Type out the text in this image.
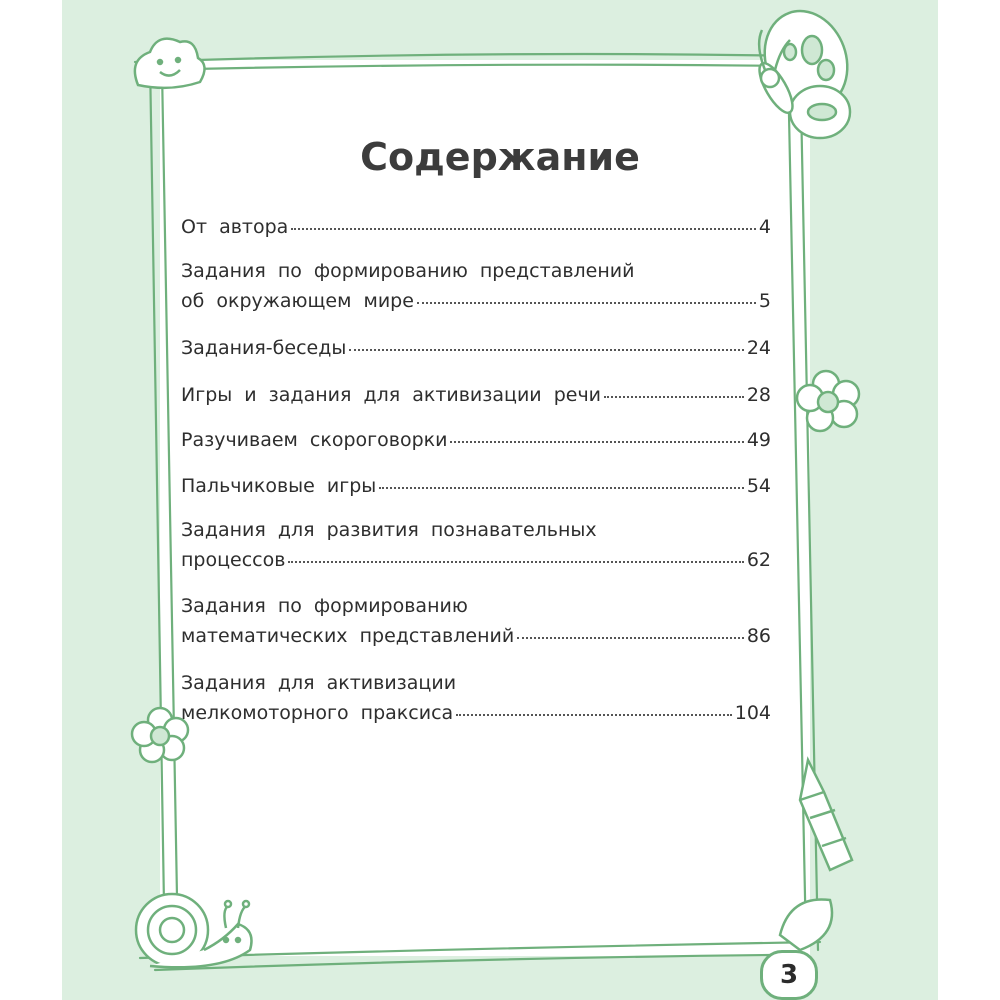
Содержание
От автора	4
Задания по формированию представлений
об окружающем мире	5
Задания-беседы	24
Игры и задания для активизации речи	28
Разучиваем скороговорки	49
Пальчиковые игры	54
Задания для развития познавательных
процессов	62
Задания по формированию
математических представлений	86
Задания для активизации
мелкомоторного праксиса	104
3
